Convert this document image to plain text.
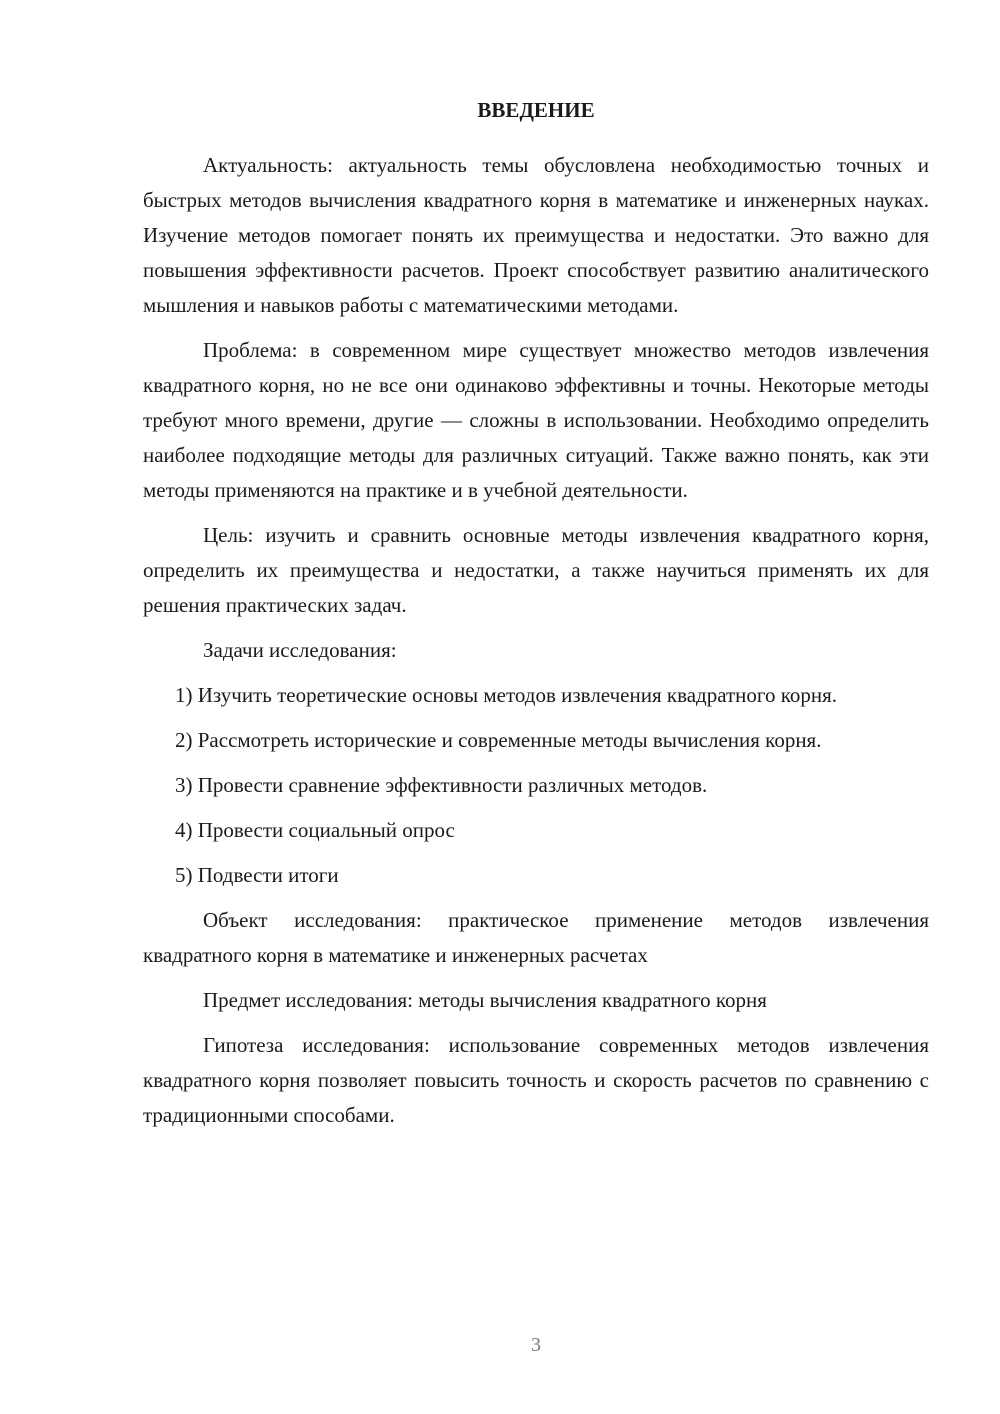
ВВЕДЕНИЕ

Актуальность: актуальность темы обусловлена необходимостью точных и быстрых методов вычисления квадратного корня в математике и инженерных науках. Изучение методов помогает понять их преимущества и недостатки. Это важно для повышения эффективности расчетов. Проект способствует развитию аналитического мышления и навыков работы с математическими методами.

Проблема: в современном мире существует множество методов извлечения квадратного корня, но не все они одинаково эффективны и точны. Некоторые методы требуют много времени, другие — сложны в использовании. Необходимо определить наиболее подходящие методы для различных ситуаций. Также важно понять, как эти методы применяются на практике и в учебной деятельности.

Цель: изучить и сравнить основные методы извлечения квадратного корня, определить их преимущества и недостатки, а также научиться применять их для решения практических задач.

Задачи исследования:

1) Изучить теоретические основы методов извлечения квадратного корня.

2) Рассмотреть исторические и современные методы вычисления корня.

3) Провести сравнение эффективности различных методов.

4) Провести социальный опрос

5) Подвести итоги

Объект исследования: практическое применение методов извлечения квадратного корня в математике и инженерных расчетах

Предмет исследования: методы вычисления квадратного корня

Гипотеза исследования: использование современных методов извлечения квадратного корня позволяет повысить точность и скорость расчетов по сравнению с традиционными способами.

3
